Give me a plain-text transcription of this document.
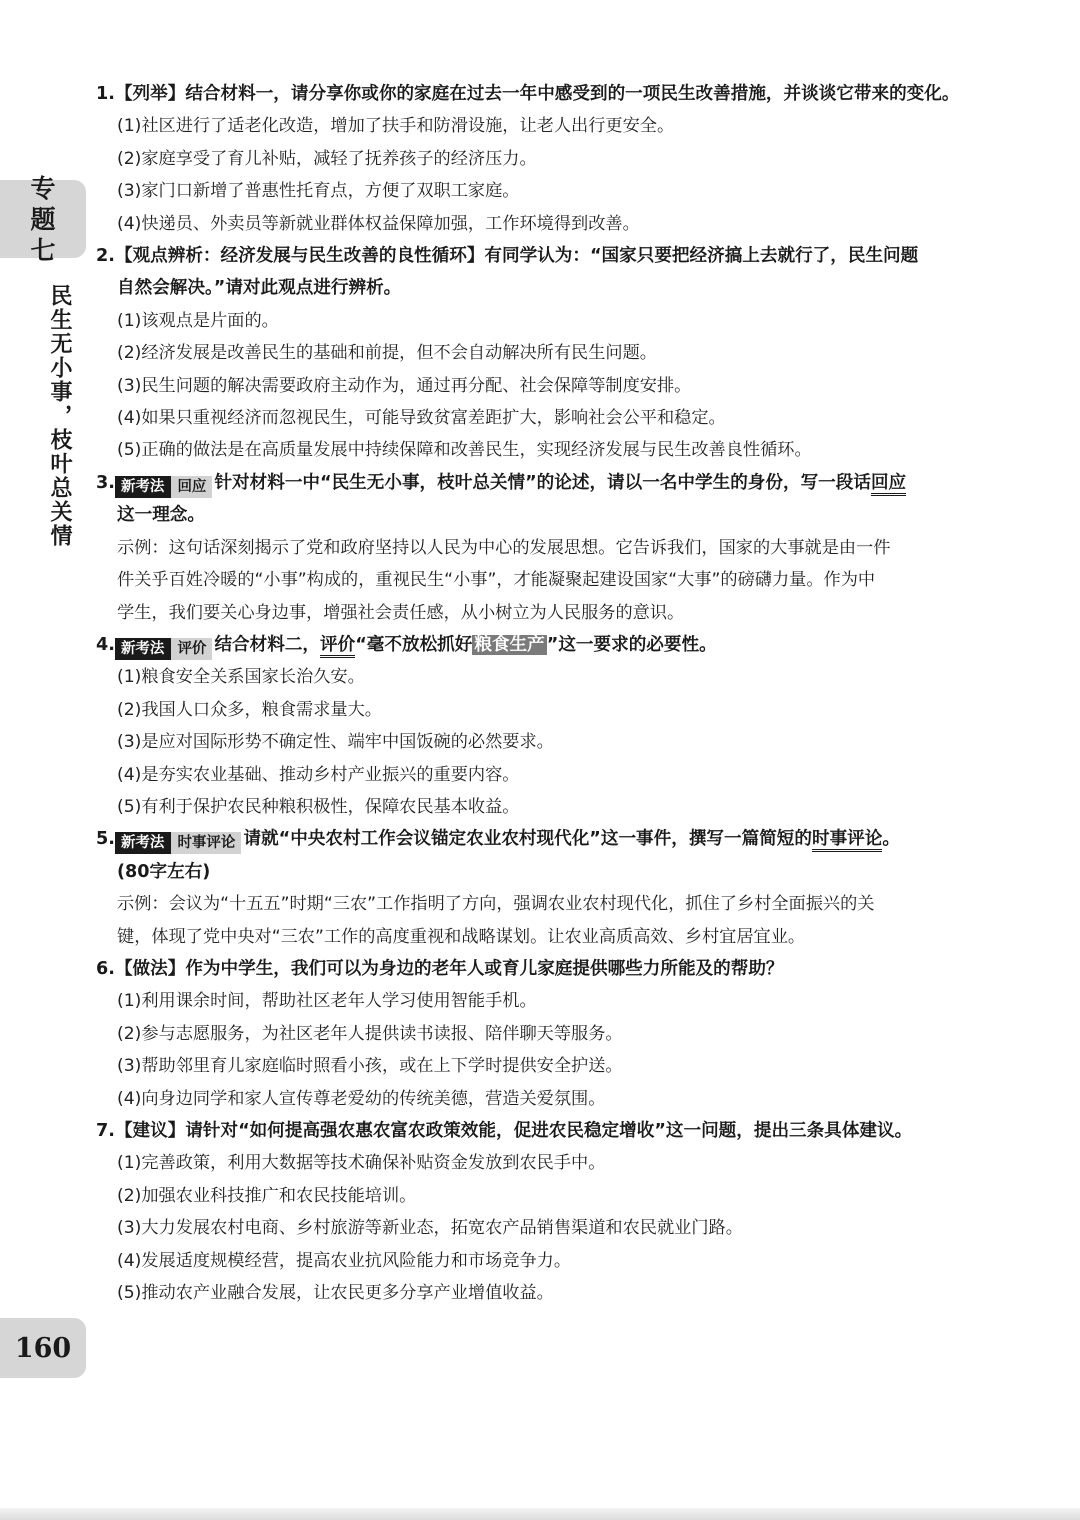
专
题
七
民生无小事，枝叶总关情
160
1.【列举】结合材料一，请分享你或你的家庭在过去一年中感受到的一项民生改善措施，并谈谈它带来的变化。
(1)社区进行了适老化改造，增加了扶手和防滑设施，让老人出行更安全。
(2)家庭享受了育儿补贴，减轻了抚养孩子的经济压力。
(3)家门口新增了普惠性托育点，方便了双职工家庭。
(4)快递员、外卖员等新就业群体权益保障加强，工作环境得到改善。
2.【观点辨析：经济发展与民生改善的良性循环】有同学认为：“国家只要把经济搞上去就行了，民生问题
自然会解决。”请对此观点进行辨析。
(1)该观点是片面的。
(2)经济发展是改善民生的基础和前提，但不会自动解决所有民生问题。
(3)民生问题的解决需要政府主动作为，通过再分配、社会保障等制度安排。
(4)如果只重视经济而忽视民生，可能导致贫富差距扩大，影响社会公平和稳定。
(5)正确的做法是在高质量发展中持续保障和改善民生，实现经济发展与民生改善良性循环。
3. 新考法 回应 针对材料一中“民生无小事，枝叶总关情”的论述，请以一名中学生的身份，写一段话回应
这一理念。
示例：这句话深刻揭示了党和政府坚持以人民为中心的发展思想。它告诉我们，国家的大事就是由一件
件关乎百姓冷暖的“小事”构成的，重视民生“小事”，才能凝聚起建设国家“大事”的磅礴力量。作为中
学生，我们要关心身边事，增强社会责任感，从小树立为人民服务的意识。
4. 新考法 评价 结合材料二，评价“毫不放松抓好 粮食生产 ”这一要求的必要性。
(1)粮食安全关系国家长治久安。
(2)我国人口众多，粮食需求量大。
(3)是应对国际形势不确定性、端牢中国饭碗的必然要求。
(4)是夯实农业基础、推动乡村产业振兴的重要内容。
(5)有利于保护农民种粮积极性，保障农民基本收益。
5. 新考法 时事评论 请就“中央农村工作会议锚定农业农村现代化”这一事件，撰写一篇简短的时事评论。
(80字左右)
示例：会议为“十五五”时期“三农”工作指明了方向，强调农业农村现代化，抓住了乡村全面振兴的关
键，体现了党中央对“三农”工作的高度重视和战略谋划。让农业高质高效、乡村宜居宜业。
6.【做法】作为中学生，我们可以为身边的老年人或育儿家庭提供哪些力所能及的帮助？
(1)利用课余时间，帮助社区老年人学习使用智能手机。
(2)参与志愿服务，为社区老年人提供读书读报、陪伴聊天等服务。
(3)帮助邻里育儿家庭临时照看小孩，或在上下学时提供安全护送。
(4)向身边同学和家人宣传尊老爱幼的传统美德，营造关爱氛围。
7.【建议】请针对“如何提高强农惠农富农政策效能，促进农民稳定增收”这一问题，提出三条具体建议。
(1)完善政策，利用大数据等技术确保补贴资金发放到农民手中。
(2)加强农业科技推广和农民技能培训。
(3)大力发展农村电商、乡村旅游等新业态，拓宽农产品销售渠道和农民就业门路。
(4)发展适度规模经营，提高农业抗风险能力和市场竞争力。
(5)推动农产业融合发展，让农民更多分享产业增值收益。
